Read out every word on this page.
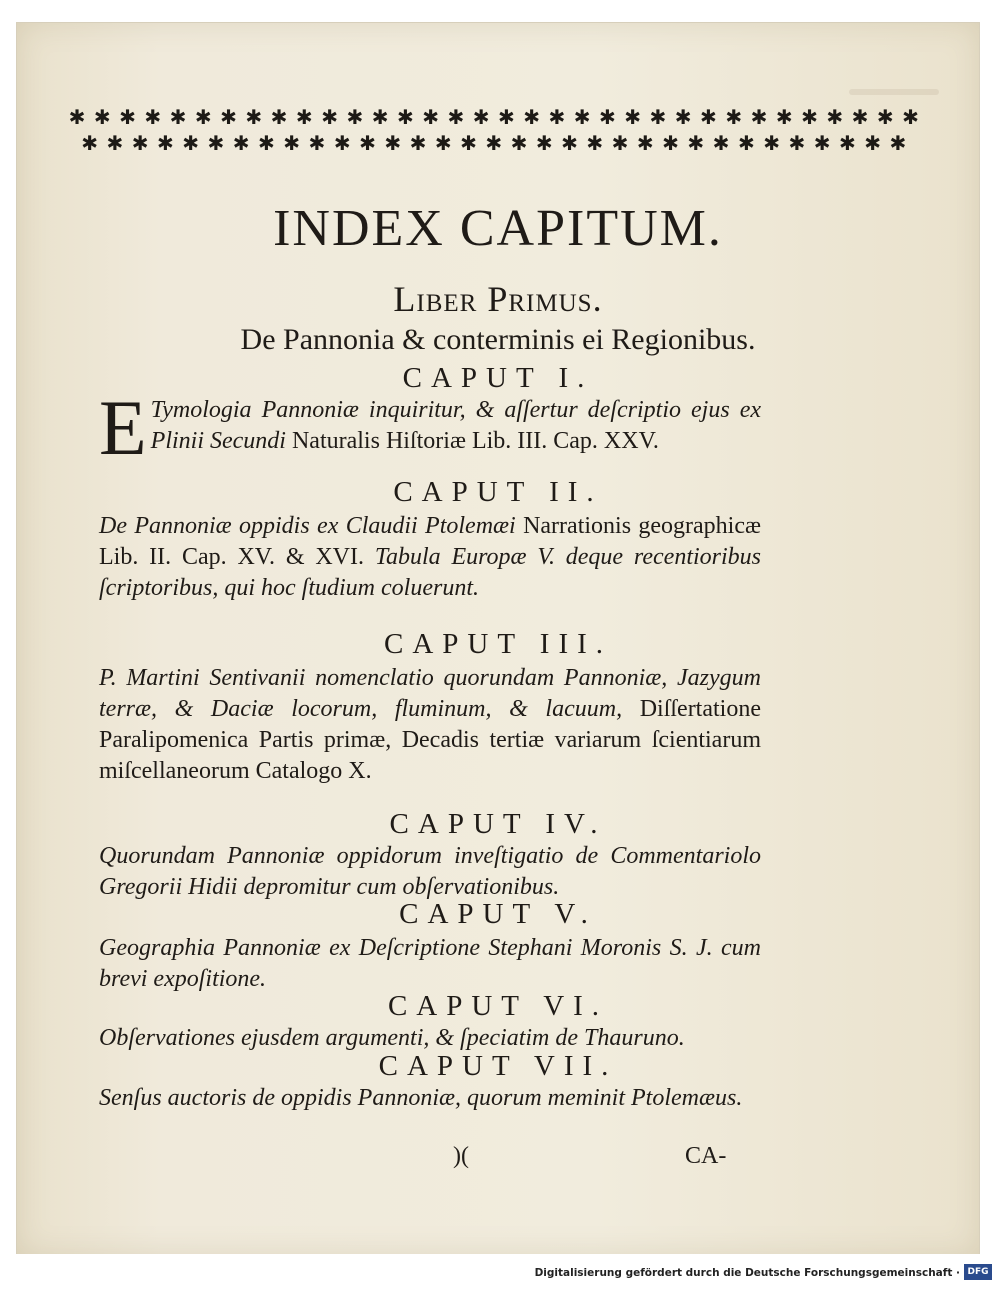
✱✱✱✱✱✱✱✱✱✱✱✱✱✱✱✱✱✱✱✱✱✱✱✱✱✱✱✱✱✱✱✱✱✱
✱✱✱✱✱✱✱✱✱✱✱✱✱✱✱✱✱✱✱✱✱✱✱✱✱✱✱✱✱✱✱✱✱
INDEX CAPITUM.
Liber Primus.
De Pannonia & conterminis ei Regionibus.
CAPUT I.
E Tymologia Pannoniæ inquiritur, & aſſertur deſcriptio ejus ex Plinii Secundi Naturalis Hiſtoriæ Lib. III. Cap. XXV.
CAPUT II.
De Pannoniæ oppidis ex Claudii Ptolemæi Narrationis geographicæ Lib. II. Cap. XV. & XVI. Tabula Europæ V. deque recentioribus ſcriptoribus, qui hoc ſtudium coluerunt.
CAPUT III.
P. Martini Sentivanii nomenclatio quorundam Pannoniæ, Jazygum terræ, & Daciæ locorum, fluminum, & lacuum, Diſſertatione Paralipomenica Partis primæ, Decadis tertiæ variarum ſcientiarum miſcellaneorum Catalogo X.
CAPUT IV.
Quorundam Pannoniæ oppidorum inveſtigatio de Commentariolo Gregorii Hidii depromitur cum obſervationibus.
CAPUT V.
Geographia Pannoniæ ex Deſcriptione Stephani Moronis S. J. cum brevi expoſitione.
CAPUT VI.
Obſervationes ejusdem argumenti, & ſpeciatim de Thauruno.
CAPUT VII.
Senſus auctoris de oppidis Pannoniæ, quorum meminit Ptolemæus.
)(	CA-
Digitalisierung gefördert durch die Deutsche Forschungsgemeinschaft · DFG
